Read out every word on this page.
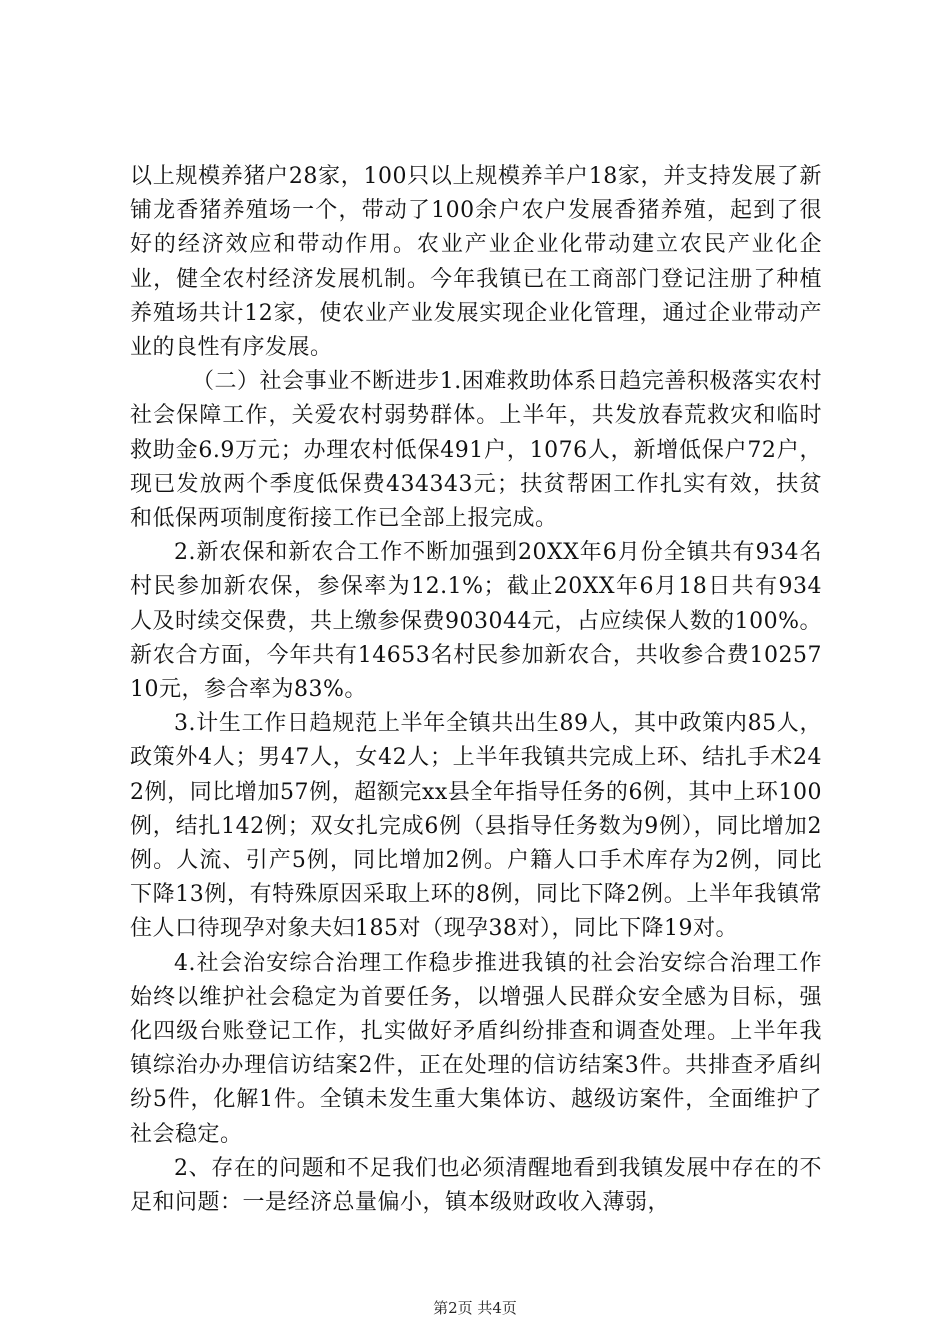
以上规模养猪户28家，100只以上规模养羊户18家，并支持发展了新铺龙香猪养殖场一个，带动了100余户农户发展香猪养殖，起到了很好的经济效应和带动作用。农业产业企业化带动建立农民产业化企业，健全农村经济发展机制。今年我镇已在工商部门登记注册了种植养殖场共计12家，使农业产业发展实现企业化管理，通过企业带动产业的良性有序发展。

（二）社会事业不断进步1.困难救助体系日趋完善积极落实农村社会保障工作，关爱农村弱势群体。上半年，共发放春荒救灾和临时救助金6.9万元；办理农村低保491户，1076人，新增低保户72户，现已发放两个季度低保费434343元；扶贫帮困工作扎实有效，扶贫和低保两项制度衔接工作已全部上报完成。

2.新农保和新农合工作不断加强到20XX年6月份全镇共有934名村民参加新农保，参保率为12.1%；截止20XX年6月18日共有934人及时续交保费，共上缴参保费903044元，占应续保人数的100%。新农合方面，今年共有14653名村民参加新农合，共收参合费1025710元，参合率为83%。

3.计生工作日趋规范上半年全镇共出生89人，其中政策内85人，政策外4人；男47人，女42人；上半年我镇共完成上环、结扎手术242例，同比增加57例，超额完xx县全年指导任务的6例，其中上环100例，结扎142例；双女扎完成6例（县指导任务数为9例），同比增加2例。人流、引产5例，同比增加2例。户籍人口手术库存为2例，同比下降13例，有特殊原因采取上环的8例，同比下降2例。上半年我镇常住人口待现孕对象夫妇185对（现孕38对），同比下降19对。

4.社会治安综合治理工作稳步推进我镇的社会治安综合治理工作始终以维护社会稳定为首要任务，以增强人民群众安全感为目标，强化四级台账登记工作，扎实做好矛盾纠纷排查和调查处理。上半年我镇综治办办理信访结案2件，正在处理的信访结案3件。共排查矛盾纠纷5件，化解1件。全镇未发生重大集体访、越级访案件，全面维护了社会稳定。

2、存在的问题和不足我们也必须清醒地看到我镇发展中存在的不足和问题：一是经济总量偏小，镇本级财政收入薄弱，

第2页 共4页
